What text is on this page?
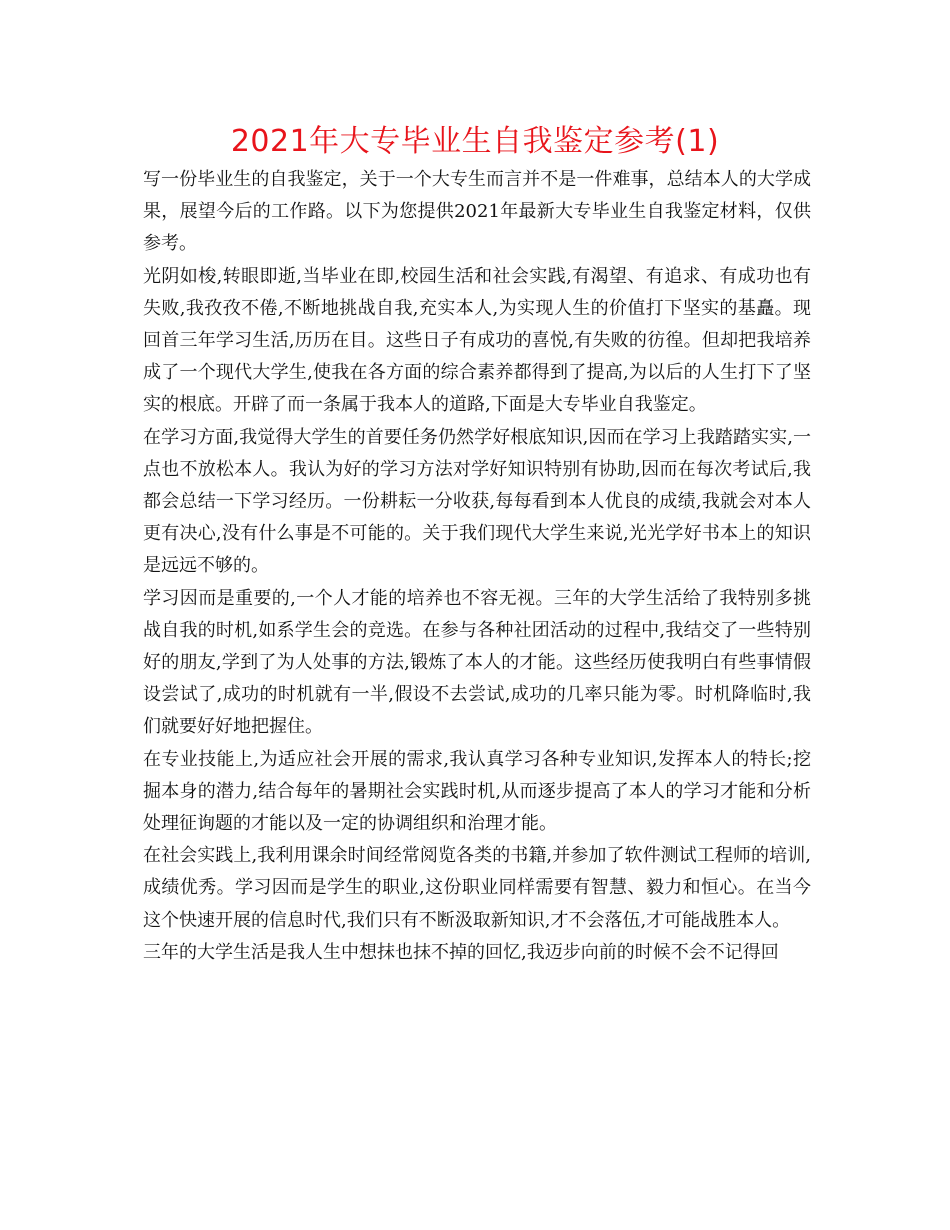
2021年大专毕业生自我鉴定参考(1)

写一份毕业生的自我鉴定，关于一个大专生而言并不是一件难事，总结本人的大学成果，展望今后的工作路。以下为您提供2021年最新大专毕业生自我鉴定材料，仅供参考。

光阴如梭,转眼即逝,当毕业在即,校园生活和社会实践,有渴望、有追求、有成功也有失败,我孜孜不倦,不断地挑战自我,充实本人,为实现人生的价值打下坚实的基矗。现回首三年学习生活,历历在目。这些日子有成功的喜悦,有失败的彷徨。但却把我培养成了一个现代大学生,使我在各方面的综合素养都得到了提高,为以后的人生打下了坚实的根底。开辟了而一条属于我本人的道路,下面是大专毕业自我鉴定。

在学习方面,我觉得大学生的首要任务仍然学好根底知识,因而在学习上我踏踏实实,一点也不放松本人。我认为好的学习方法对学好知识特别有协助,因而在每次考试后,我都会总结一下学习经历。一份耕耘一分收获,每每看到本人优良的成绩,我就会对本人更有决心,没有什么事是不可能的。关于我们现代大学生来说,光光学好书本上的知识是远远不够的。

学习因而是重要的,一个人才能的培养也不容无视。三年的大学生活给了我特别多挑战自我的时机,如系学生会的竞选。在参与各种社团活动的过程中,我结交了一些特别好的朋友,学到了为人处事的方法,锻炼了本人的才能。这些经历使我明白有些事情假设尝试了,成功的时机就有一半,假设不去尝试,成功的几率只能为零。时机降临时,我们就要好好地把握住。

在专业技能上,为适应社会开展的需求,我认真学习各种专业知识,发挥本人的特长;挖掘本身的潜力,结合每年的暑期社会实践时机,从而逐步提高了本人的学习才能和分析处理征询题的才能以及一定的协调组织和治理才能。

在社会实践上,我利用课余时间经常阅览各类的书籍,并参加了软件测试工程师的培训,成绩优秀。学习因而是学生的职业,这份职业同样需要有智慧、毅力和恒心。在当今这个快速开展的信息时代,我们只有不断汲取新知识,才不会落伍,才可能战胜本人。

三年的大学生活是我人生中想抹也抹不掉的回忆,我迈步向前的时候不会不记得回
